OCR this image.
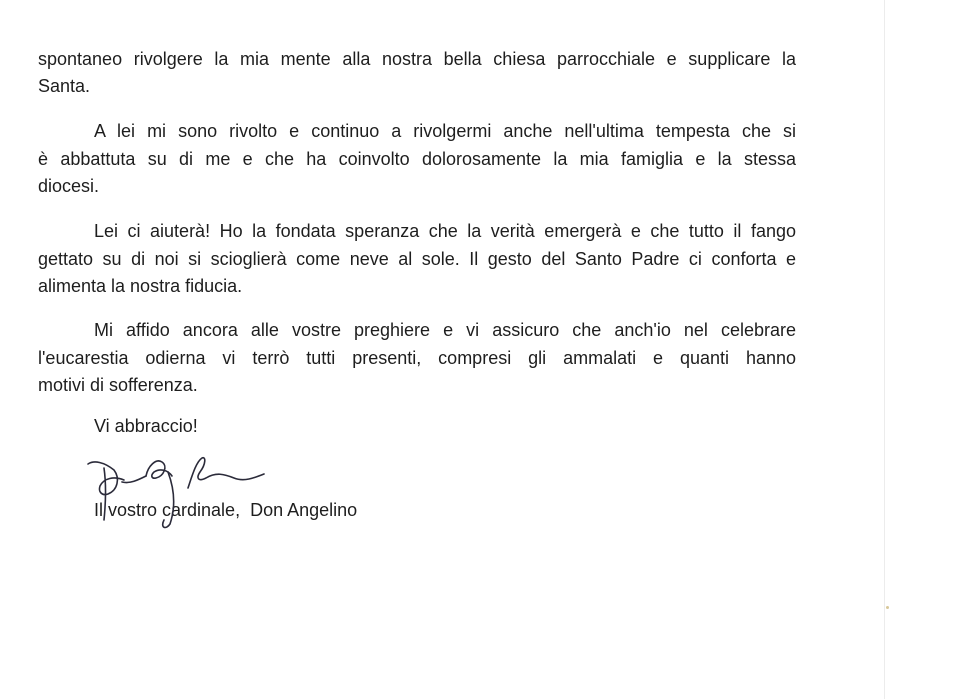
spontaneo rivolgere la mia mente alla nostra bella chiesa parrocchiale e supplicare la
Santa.
A lei mi sono rivolto e continuo a rivolgermi anche nell'ultima tempesta che si
è abbattuta su di me e che ha coinvolto dolorosamente la mia famiglia e la stessa
diocesi.
Lei ci aiuterà! Ho la fondata speranza che la verità emergerà e che tutto il fango
gettato su di noi si scioglierà come neve al sole. Il gesto del Santo Padre ci conforta e
alimenta la nostra fiducia.
Mi affido ancora alle vostre preghiere e vi assicuro che anch'io nel celebrare
l'eucarestia odierna vi terrò tutti presenti, compresi gli ammalati e quanti hanno
motivi di sofferenza.
Vi abbraccio!
Il vostro cardinale, Don Angelino
